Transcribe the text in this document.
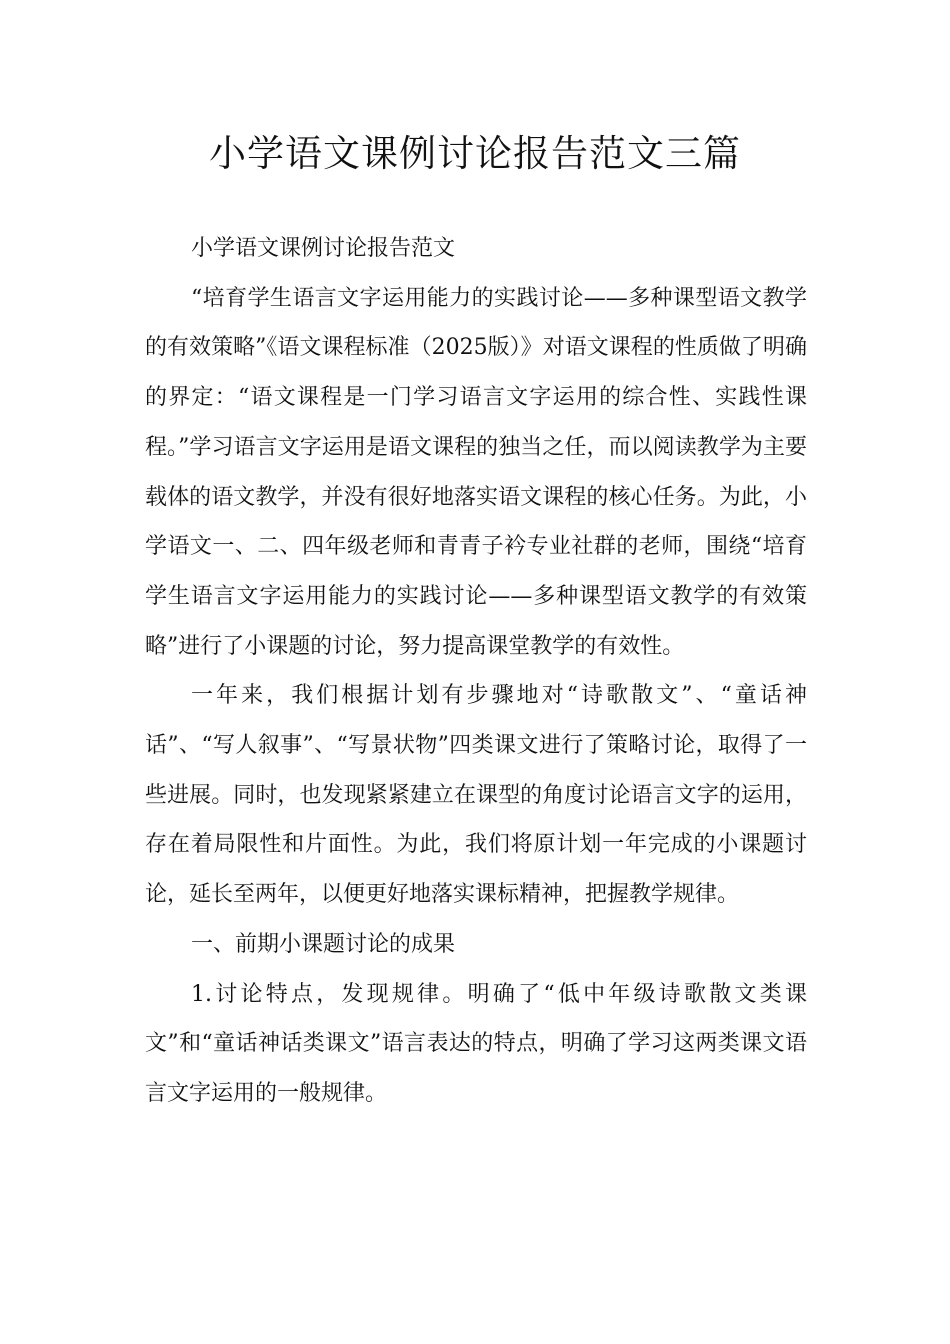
小学语文课例讨论报告范文三篇

小学语文课例讨论报告范文

“培育学生语言文字运用能力的实践讨论——多种课型语文教学的有效策略”《语文课程标准（2025版）》对语文课程的性质做了明确的界定：“语文课程是一门学习语言文字运用的综合性、实践性课程。”学习语言文字运用是语文课程的独当之任，而以阅读教学为主要载体的语文教学，并没有很好地落实语文课程的核心任务。为此，小学语文一、二、四年级老师和青青子衿专业社群的老师，围绕“培育学生语言文字运用能力的实践讨论——多种课型语文教学的有效策略”进行了小课题的讨论，努力提高课堂教学的有效性。

一年来，我们根据计划有步骤地对“诗歌散文”、“童话神话”、“写人叙事”、“写景状物”四类课文进行了策略讨论，取得了一些进展。同时，也发现紧紧建立在课型的角度讨论语言文字的运用，存在着局限性和片面性。为此，我们将原计划一年完成的小课题讨论，延长至两年，以便更好地落实课标精神，把握教学规律。

一、前期小课题讨论的成果

1.讨论特点，发现规律。明确了“低中年级诗歌散文类课文”和“童话神话类课文”语言表达的特点，明确了学习这两类课文语言文字运用的一般规律。
